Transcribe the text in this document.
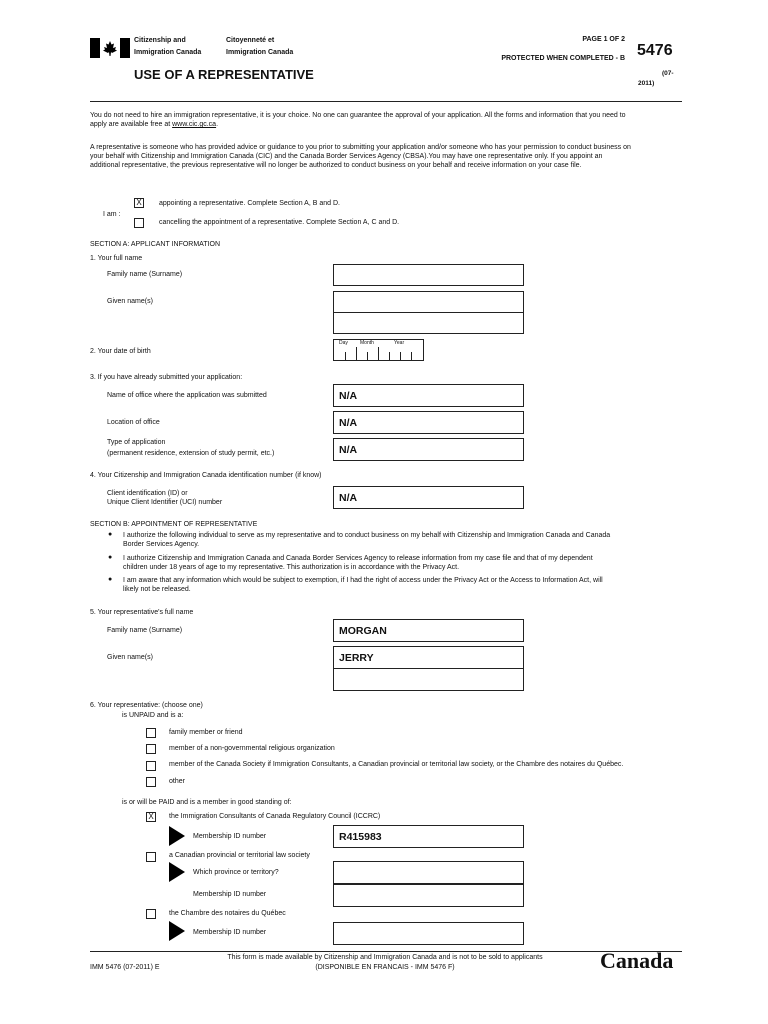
Citizenship and
Immigration Canada
Citoyenneté et
Immigration Canada
PAGE 1 OF 2
PROTECTED WHEN COMPLETED - B 5476
(07-
2011)
USE OF A REPRESENTATIVE
You do not need to hire an immigration representative, it is your choice. No one can guarantee the approval of your application. All the forms and information that you need to
apply are available free at www.cic.gc.ca.
A representative is someone who has provided advice or guidance to you prior to submitting your application and/or someone who has your permission to conduct business on
your behalf with Citizenship and Immigration Canada (CIC) and the Canada Border Services Agency (CBSA).You may have one representative only. If you appoint an
additional representative, the previous representative will no longer be authorized to conduct business on your behalf and receive information on your case file.
I am :
X	appointing a representative. Complete Section A, B and D.
cancelling the appointment of a representative. Complete Section A, C and D.
SECTION A: APPLICANT INFORMATION
1. Your full name
Family name (Surname)
Given name(s)
2. Your date of birth
Day Month	Year
3. If you have already submitted your application:
Name of office where the application was submitted	N/A
Location of office	N/A
Type of application
(permanent residence, extension of study permit, etc.)	N/A
4. Your Citizenship and Immigration Canada identification number (if know)
Client identification (ID) or
Unique Client Identifier (UCI) number	N/A
SECTION B: APPOINTMENT OF REPRESENTATIVE
● I authorize the following individual to serve as my representative and to conduct business on my behalf with Citizenship and Immigration Canada and Canada
Border Services Agency.
● I authorize Citizenship and Immigration Canada and Canada Border Services Agency to release information from my case file and that of my dependent
children under 18 years of age to my representative. This authorization is in accordance with the Privacy Act.
● I am aware that any information which would be subject to exemption, if I had the right of access under the Privacy Act or the Access to Information Act, will
likely not be released.
5. Your representative's full name
Family name (Surname)	MORGAN
Given name(s)	JERRY
6. Your representative: (choose one)
is UNPAID and is a:
family member or friend
member of a non-governmental religious organization
member of the Canada Society if Immigration Consultants, a Canadian provincial or territorial law society, or the Chambre des notaires du Québec.
other
is or will be PAID and is a member in good standing of:
X	the Immigration Consultants of Canada Regulatory Council (ICCRC)
Membership ID number	R415983
a Canadian provincial or territorial law society
Which province or territory?
Membership ID number
the Chambre des notaires du Québec
Membership ID number
IMM 5476 (07-2011) E
This form is made available by Citizenship and Immigration Canada and is not to be sold to applicants
(DISPONIBLE EN FRANCAIS - IMM 5476 F)	Canada
